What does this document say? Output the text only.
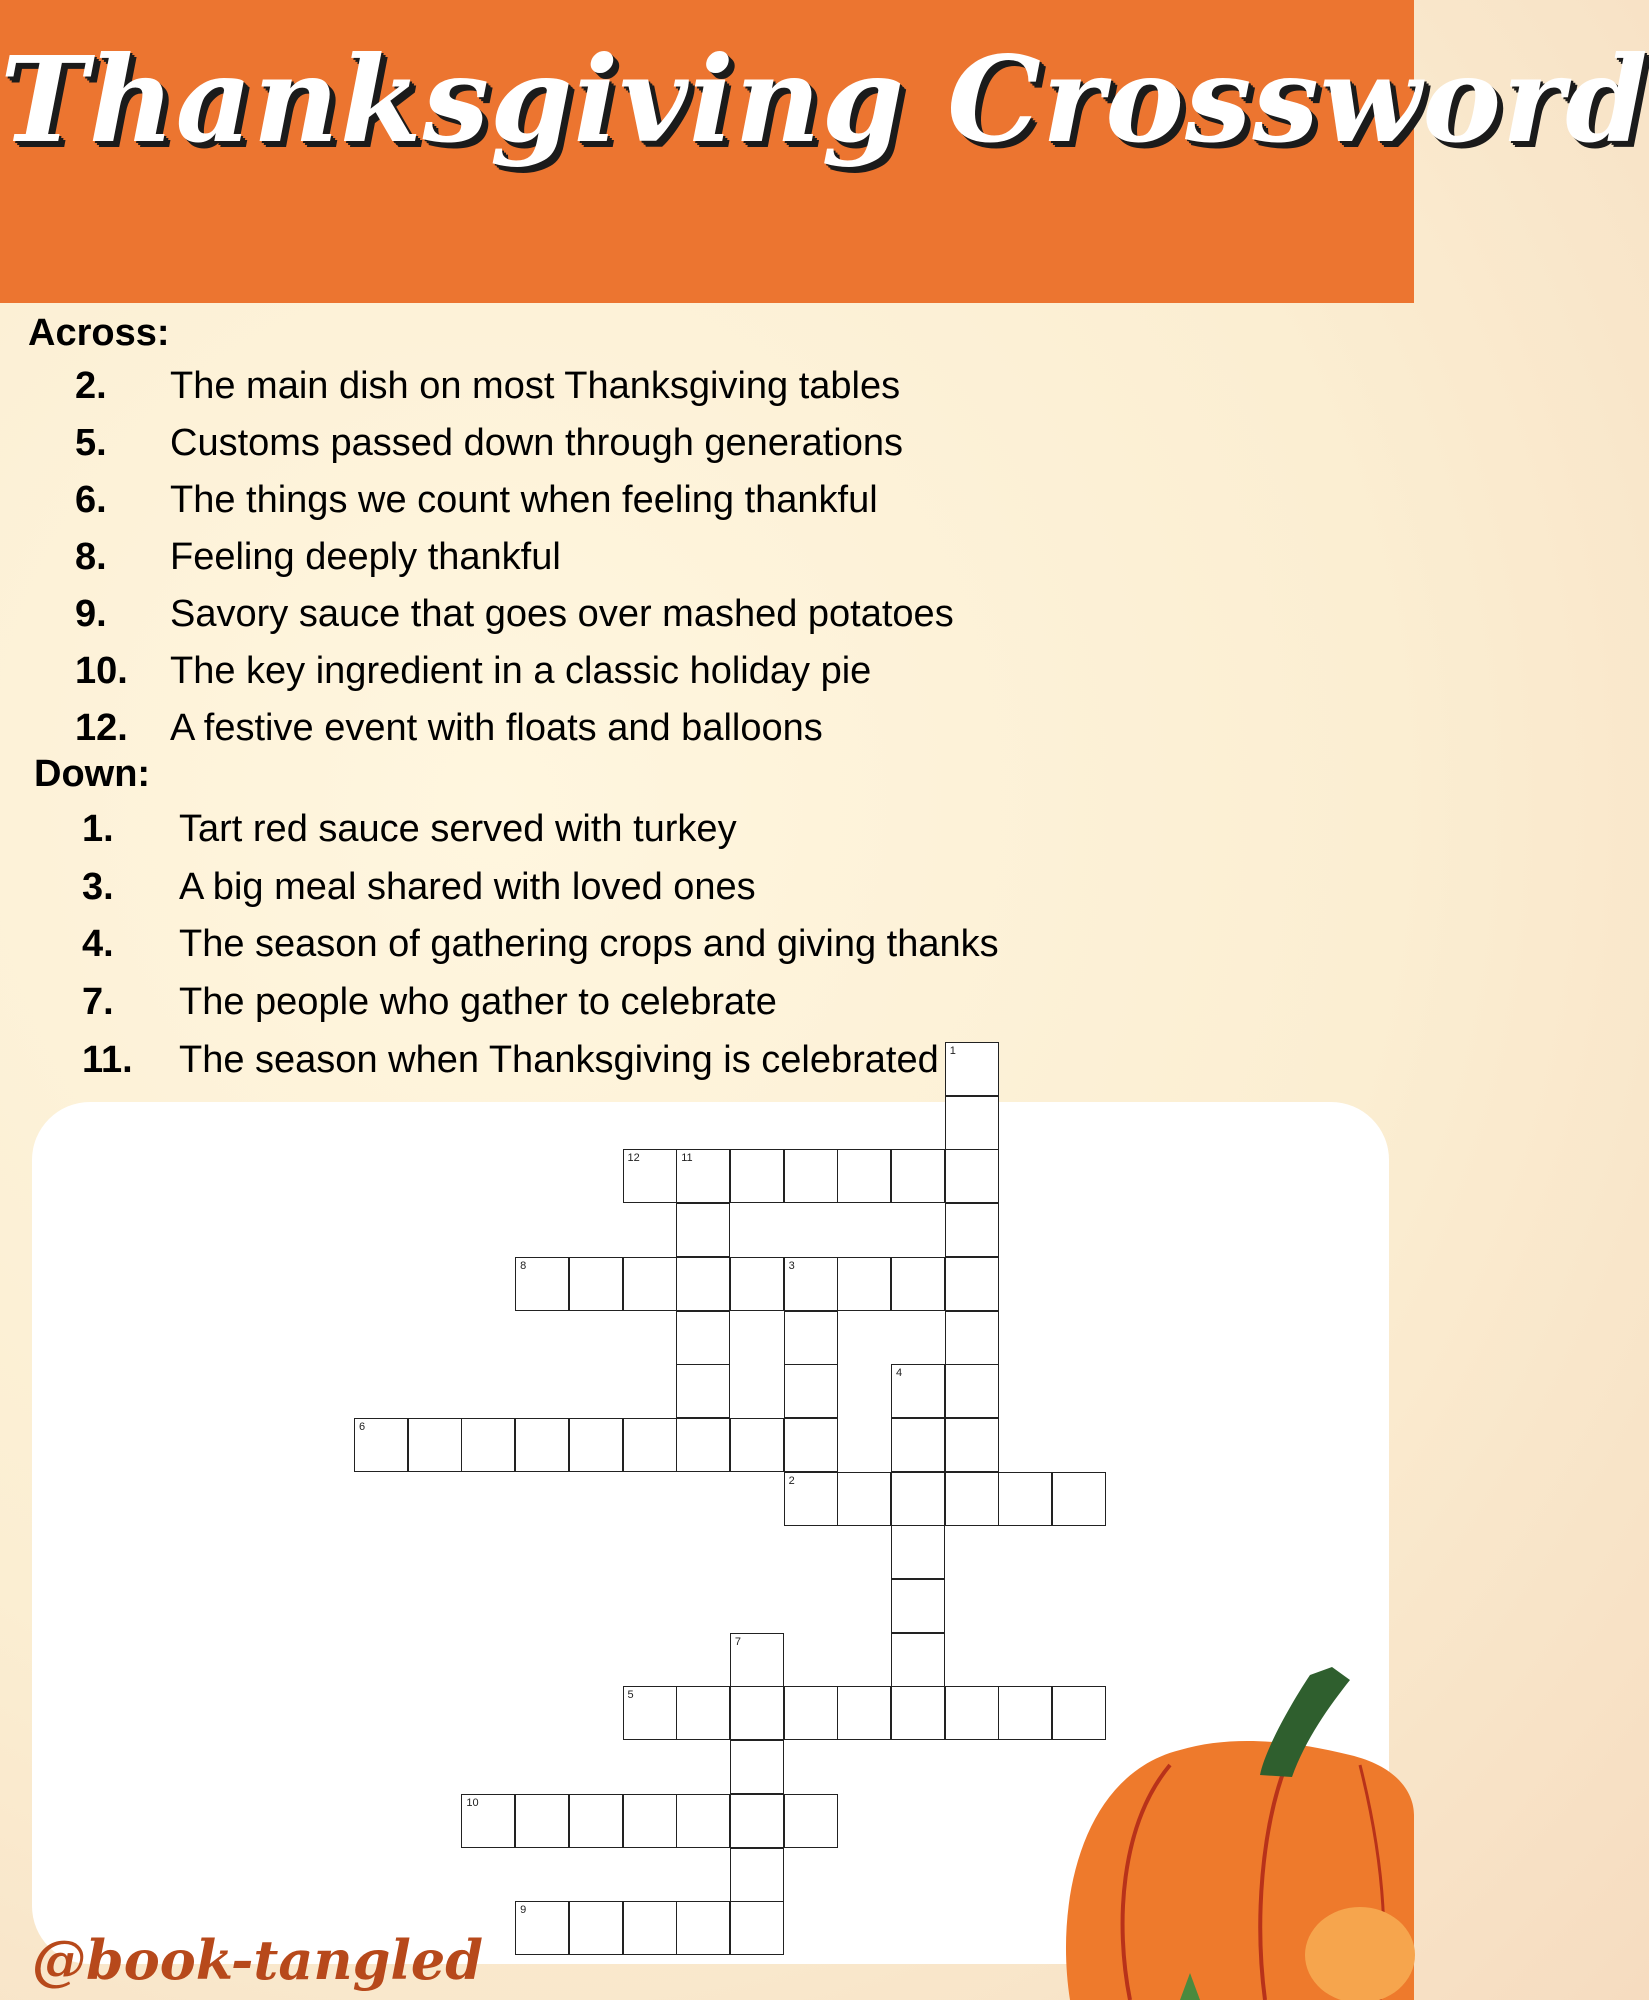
Thanksgiving Crossword
Across:
2. The main dish on most Thanksgiving tables
5. Customs passed down through generations
6. The things we count when feeling thankful
8. Feeling deeply thankful
9. Savory sauce that goes over mashed potatoes
10. The key ingredient in a classic holiday pie
12. A festive event with floats and balloons
Down:
1. Tart red sauce served with turkey
3. A big meal shared with loved ones
4. The season of gathering crops and giving thanks
7. The people who gather to celebrate
11. The season when Thanksgiving is celebrated 1
2
3
4
5
6
7
8
9
10
11
12
@book-tangled
